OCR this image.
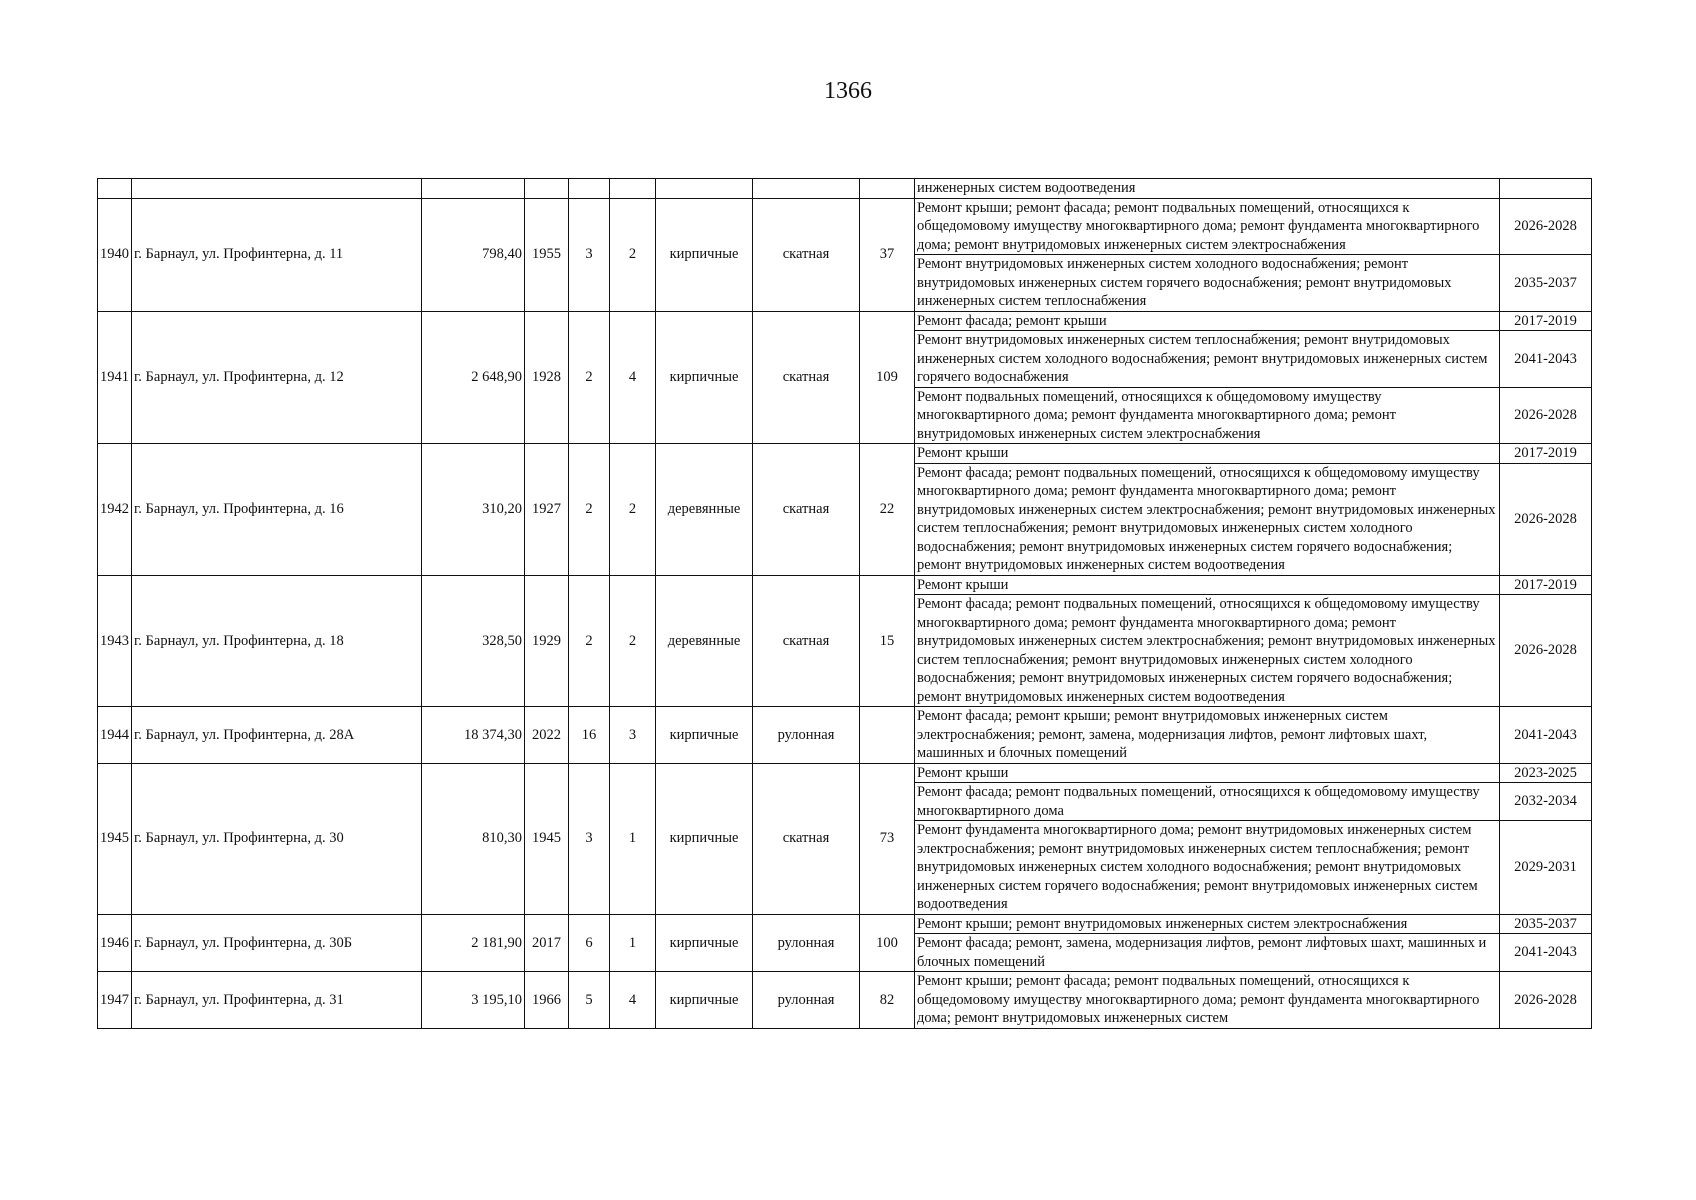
1366
									инженерных систем водоотведения	
1940	г. Барнаул, ул. Профинтерна, д. 11	798,40	1955	3	2	кирпичные	скатная	37	Ремонт крыши; ремонт фасада; ремонт подвальных помещений, относящихся к общедомовому имуществу многоквартирного дома; ремонт фундамента многоквартирного дома; ремонт внутридомовых инженерных систем электроснабжения	2026-2028
									Ремонт внутридомовых инженерных систем холодного водоснабжения; ремонт внутридомовых инженерных систем горячего водоснабжения; ремонт внутридомовых инженерных систем теплоснабжения	2035-2037
1941	г. Барнаул, ул. Профинтерна, д. 12	2 648,90	1928	2	4	кирпичные	скатная	109	Ремонт фасада; ремонт крыши	2017-2019
									Ремонт внутридомовых инженерных систем теплоснабжения; ремонт внутридомовых инженерных систем холодного водоснабжения; ремонт внутридомовых инженерных систем горячего водоснабжения	2041-2043
									Ремонт подвальных помещений, относящихся к общедомовому имуществу многоквартирного дома; ремонт фундамента многоквартирного дома; ремонт внутридомовых инженерных систем электроснабжения	2026-2028
1942	г. Барнаул, ул. Профинтерна, д. 16	310,20	1927	2	2	деревянные	скатная	22	Ремонт крыши	2017-2019
									Ремонт фасада; ремонт подвальных помещений, относящихся к общедомовому имуществу многоквартирного дома; ремонт фундамента многоквартирного дома; ремонт внутридомовых инженерных систем электроснабжения; ремонт внутридомовых инженерных систем теплоснабжения; ремонт внутридомовых инженерных систем холодного водоснабжения; ремонт внутридомовых инженерных систем горячего водоснабжения; ремонт внутридомовых инженерных систем водоотведения	2026-2028
1943	г. Барнаул, ул. Профинтерна, д. 18	328,50	1929	2	2	деревянные	скатная	15	Ремонт крыши	2017-2019
									Ремонт фасада; ремонт подвальных помещений, относящихся к общедомовому имуществу многоквартирного дома; ремонт фундамента многоквартирного дома; ремонт внутридомовых инженерных систем электроснабжения; ремонт внутридомовых инженерных систем теплоснабжения; ремонт внутридомовых инженерных систем холодного водоснабжения; ремонт внутридомовых инженерных систем горячего водоснабжения; ремонт внутридомовых инженерных систем водоотведения	2026-2028
1944	г. Барнаул, ул. Профинтерна, д. 28А	18 374,30	2022	16	3	кирпичные	рулонная		Ремонт фасада; ремонт крыши; ремонт внутридомовых инженерных систем электроснабжения; ремонт, замена, модернизация лифтов, ремонт лифтовых шахт, машинных и блочных помещений	2041-2043
1945	г. Барнаул, ул. Профинтерна, д. 30	810,30	1945	3	1	кирпичные	скатная	73	Ремонт крыши	2023-2025
									Ремонт фасада; ремонт подвальных помещений, относящихся к общедомовому имуществу многоквартирного дома	2032-2034
									Ремонт фундамента многоквартирного дома; ремонт внутридомовых инженерных систем электроснабжения; ремонт внутридомовых инженерных систем теплоснабжения; ремонт внутридомовых инженерных систем холодного водоснабжения; ремонт внутридомовых инженерных систем горячего водоснабжения; ремонт внутридомовых инженерных систем водоотведения	2029-2031
1946	г. Барнаул, ул. Профинтерна, д. 30Б	2 181,90	2017	6	1	кирпичные	рулонная	100	Ремонт крыши; ремонт внутридомовых инженерных систем электроснабжения	2035-2037
									Ремонт фасада; ремонт, замена, модернизация лифтов, ремонт лифтовых шахт, машинных и блочных помещений	2041-2043
1947	г. Барнаул, ул. Профинтерна, д. 31	3 195,10	1966	5	4	кирпичные	рулонная	82	Ремонт крыши; ремонт фасада; ремонт подвальных помещений, относящихся к общедомовому имуществу многоквартирного дома; ремонт фундамента многоквартирного дома; ремонт внутридомовых инженерных систем	2026-2028
